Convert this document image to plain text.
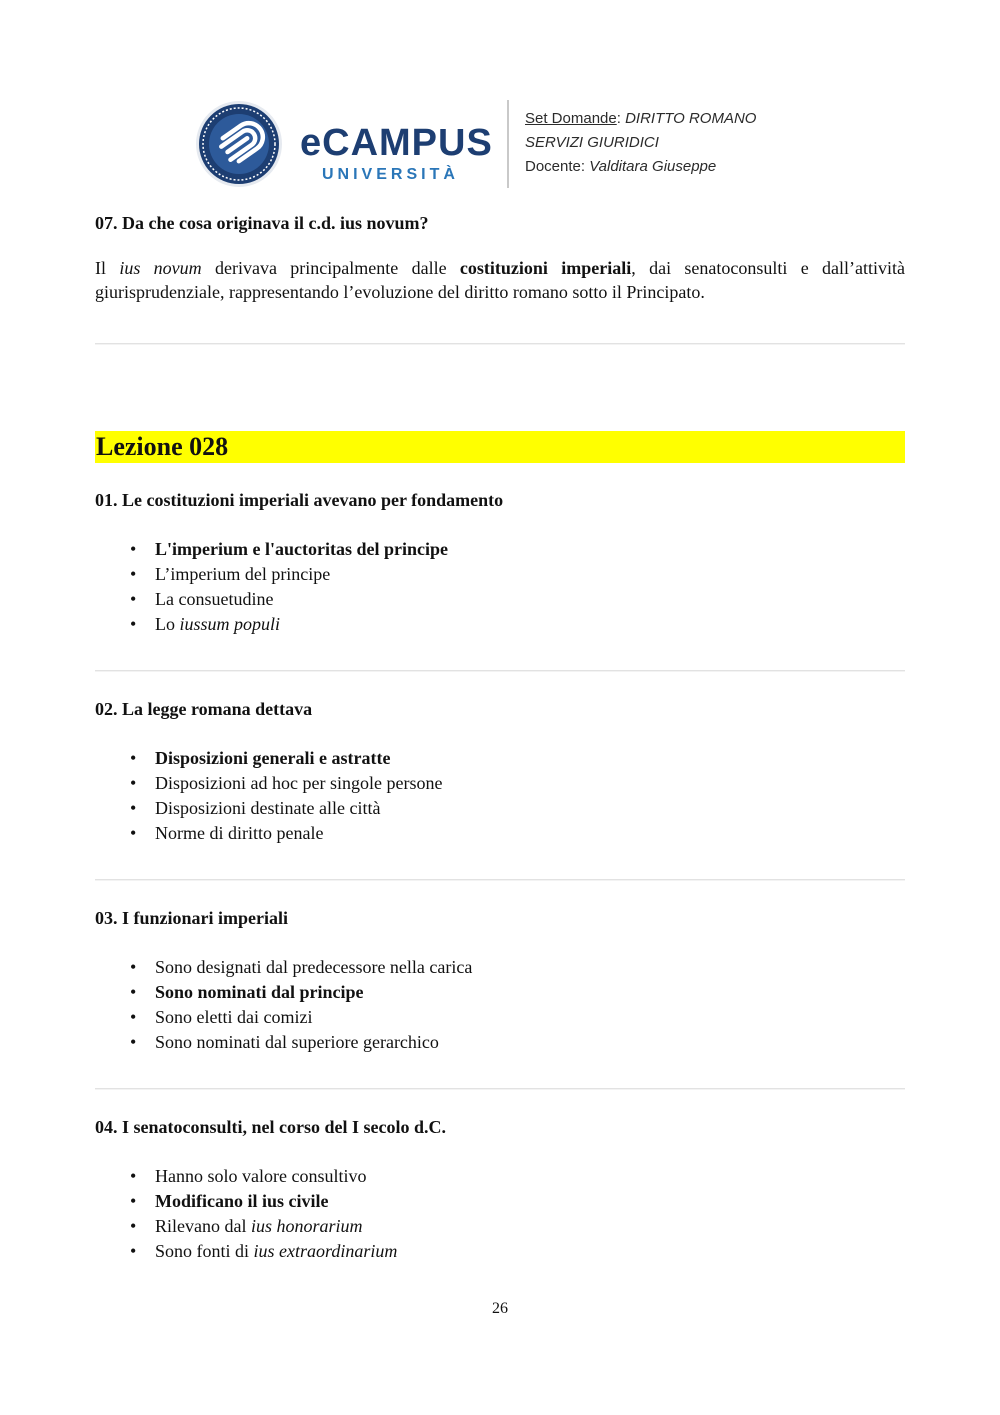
eCAMPUS
UNIVERSITÀ
Set Domande: DIRITTO ROMANO
SERVIZI GIURIDICI
Docente: Valditara Giuseppe

07. Da che cosa originava il c.d. ius novum?

Il ius novum derivava principalmente dalle costituzioni imperiali, dai senatoconsulti e dall’attività giurisprudenziale, rappresentando l’evoluzione del diritto romano sotto il Principato.

Lezione 028

01. Le costituzioni imperiali avevano per fondamento

• L'imperium e l'auctoritas del principe
• L’imperium del principe
• La consuetudine
• Lo iussum populi

02. La legge romana dettava

• Disposizioni generali e astratte
• Disposizioni ad hoc per singole persone
• Disposizioni destinate alle città
• Norme di diritto penale

03. I funzionari imperiali

• Sono designati dal predecessore nella carica
• Sono nominati dal principe
• Sono eletti dai comizi
• Sono nominati dal superiore gerarchico

04. I senatoconsulti, nel corso del I secolo d.C.

• Hanno solo valore consultivo
• Modificano il ius civile
• Rilevano dal ius honorarium
• Sono fonti di ius extraordinarium
26
